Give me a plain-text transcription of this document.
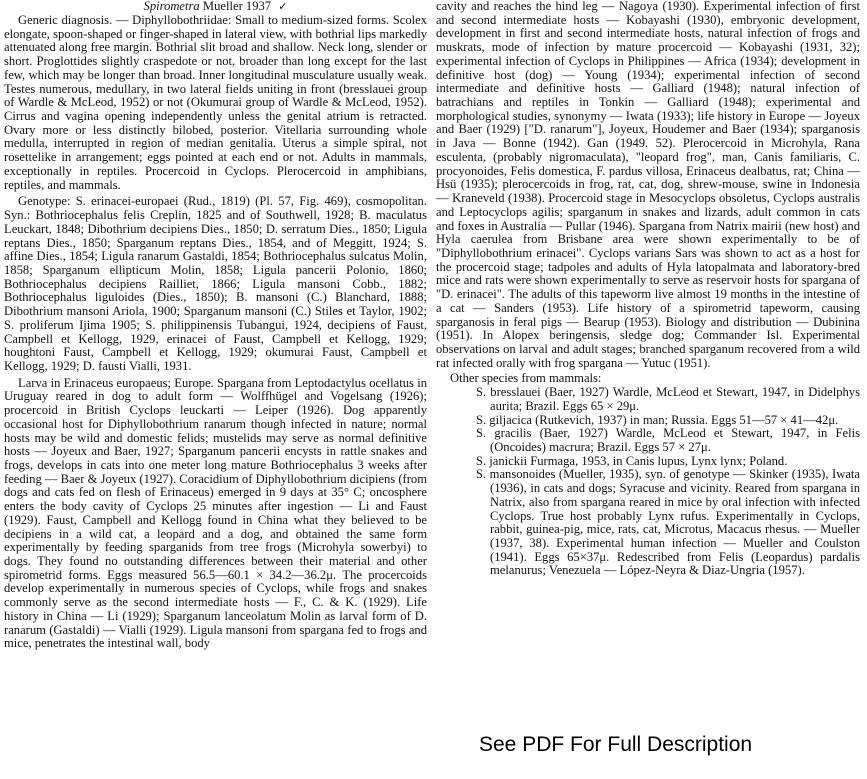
Spirometra Mueller 1937 ✓

Generic diagnosis. — Diphyllobothriidae: Small to medium-sized forms. Scolex elongate, spoon-shaped or finger-shaped in lateral view, with bothrial lips markedly attenuated along free margin. Bothrial slit broad and shallow. Neck long, slender or short. Proglottides slightly craspedote or not, broader than long except for the last few, which may be longer than broad. Inner longitudinal musculature usually weak. Testes numerous, medullary, in two lateral fields uniting in front (bresslauei group of Wardle & McLeod, 1952) or not (Okumurai group of Wardle & McLeod, 1952). Cirrus and vagina opening independently unless the genital atrium is retracted. Ovary more or less distinctly bilobed, posterior. Vitellaria surrounding whole medulla, interrupted in region of median genitalia. Uterus a simple spiral, not rosettelike in arrangement; eggs pointed at each end or not. Adults in mammals, exceptionally in reptiles. Procercoid in Cyclops. Plerocercoid in amphibians, reptiles, and mammals.

Genotype: S. erinacei-europaei (Rud., 1819) (Pl. 57, Fig. 469), cosmopolitan. Syn.: Bothriocephalus felis Creplin, 1825 and of Southwell, 1928; B. maculatus Leuckart, 1848; Dibothrium decipiens Dies., 1850; D. serratum Dies., 1850; Ligula reptans Dies., 1850; Sparganum reptans Dies., 1854, and of Meggitt, 1924; S. affine Dies., 1854; Ligula ranarum Gastaldi, 1854; Bothriocephalus sulcatus Molin, 1858; Sparganum ellipticum Molin, 1858; Ligula pancerii Polonio, 1860; Bothriocephalus decipiens Railliet, 1866; Ligula mansoni Cobb., 1882; Bothriocephalus liguloides (Dies., 1850); B. mansoni (C.) Blanchard, 1888; Dibothrium mansoni Ariola, 1900; Sparganum mansoni (C.) Stiles et Taylor, 1902; S. proliferum Ijima 1905; S. philippinensis Tubangui, 1924, decipiens of Faust, Campbell et Kellogg, 1929, erinacei of Faust, Campbell et Kellogg, 1929; houghtoni Faust, Campbell et Kellogg, 1929; okumurai Faust, Campbell et Kellogg, 1929; D. fausti Vialli, 1931.

Larva in Erinaceus europaeus; Europe. Spargana from Leptodactylus ocellatus in Uruguay reared in dog to adult form — Wolffhügel and Vogelsang (1926); procercoid in British Cyclops leuckarti — Leiper (1926). Dog apparently occasional host for Diphyllobothrium ranarum though infected in nature; normal hosts may be wild and domestic felids; mustelids may serve as normal definitive hosts — Joyeux and Baer, 1927; Sparganum pancerii encysts in rattle snakes and frogs, develops in cats into one meter long mature Bothriocephalus 3 weeks after feeding — Baer & Joyeux (1927). Coracidium of Diphyllobothrium dicipiens (from dogs and cats fed on flesh of Erinaceus) emerged in 9 days at 35° C; oncosphere enters the body cavity of Cyclops 25 minutes after ingestion — Li and Faust (1929). Faust, Campbell and Kellogg found in China what they believed to be decipiens in a wild cat, a leopard and a dog, and obtained the same form experimentally by feeding sparganids from tree frogs (Microhyla sowerbyi) to dogs. They found no outstanding differences between their material and other spirometrid forms. Eggs measured 56.5—60.1 × 34.2—36.2μ. The procercoids develop experimentally in numerous species of Cyclops, while frogs and snakes commonly serve as the second intermediate hosts — F., C. & K. (1929). Life history in China — Li (1929); Sparganum lanceolatum Molin as larval form of D. ranarum (Gastaldi) — Vialli (1929). Ligula mansoni from spargana fed to frogs and mice, penetrates the intestinal wall, body

cavity and reaches the hind leg — Nagoya (1930). Experimental infection of first and second intermediate hosts — Kobayashi (1930), embryonic development, development in first and second intermediate hosts, natural infection of frogs and muskrats, mode of infection by mature procercoid — Kobayashi (1931, 32); experimental infection of Cyclops in Philippines — Africa (1934); development in definitive host (dog) — Young (1934); experimental infection of second intermediate and definitive hosts — Galliard (1948); natural infection of batrachians and reptiles in Tonkin — Galliard (1948); experimental and morphological studies, synonymy — Iwata (1933); life history in Europe — Joyeux and Baer (1929) ["D. ranarum"], Joyeux, Houdemer and Baer (1934); sparganosis in Java — Bonne (1942). Gan (1949. 52). Plerocercoid in Microhyla, Rana esculenta, (probably nigromaculata), "leopard frog", man, Canis familiaris, C. procyonoides, Felis domestica, F. pardus villosa, Erinaceus dealbatus, rat; China — Hsü (1935); plerocercoids in frog, rat, cat, dog, shrew-mouse, swine in Indonesia — Kraneveld (1938). Procercoid stage in Mesocyclops obsoletus, Cyclops australis and Leptocyclops agilis; sparganum in snakes and lizards, adult common in cats and foxes in Australia — Pullar (1946). Spargana from Natrix mairii (new host) and Hyla caerulea from Brisbane area were shown experimentally to be of "Diphyllobothrium erinacei". Cyclops varians Sars was shown to act as a host for the procercoid stage; tadpoles and adults of Hyla latopalmata and laboratory-bred mice and rats were shown experimentally to serve as reservoir hosts for spargana of "D. erinacei". The adults of this tapeworm live almost 19 months in the intestine of a cat — Sanders (1953). Life history of a spirometrid tapeworm, causing sparganosis in feral pigs — Bearup (1953). Biology and distribution — Dubinina (1951). In Alopex beringensis, sledge dog; Commander Isl. Experimental observations on larval and adult stages; branched sparganum recovered from a wild rat infected orally with frog spargana — Yutuc (1951).

Other species from mammals:

S. bresslauei (Baer, 1927) Wardle, McLeod et Stewart, 1947, in Didelphys aurita; Brazil. Eggs 65 × 29μ.
S. giljacica (Rutkevich, 1937) in man; Russia. Eggs 51—57 × 41—42μ.
S. gracilis (Baer, 1927) Wardle, McLeod et Stewart, 1947, in Felis (Oncoides) macrura; Brazil. Eggs 57 × 27μ.
S. janickii Furmaga, 1953, in Canis lupus, Lynx lynx; Poland.
S. mansonoides (Mueller, 1935), syn. of genotype — Skinker (1935), Iwata (1936), in cats and dogs; Syracuse and vicinity. Reared from spargana in Natrix, also from spargana reared in mice by oral infection with infected Cyclops. True host probably Lynx rufus. Experimentally in Cyclops, rabbit, guinea-pig, mice, rats, cat, Microtus, Macacus rhesus. — Mueller (1937, 38). Experimental human infection — Mueller and Coulston (1941). Eggs 65×37μ. Redescribed from Felis (Leopardus) pardalis melanurus; Venezuela — López-Neyra & Diaz-Ungria (1957).
See PDF For Full Description
